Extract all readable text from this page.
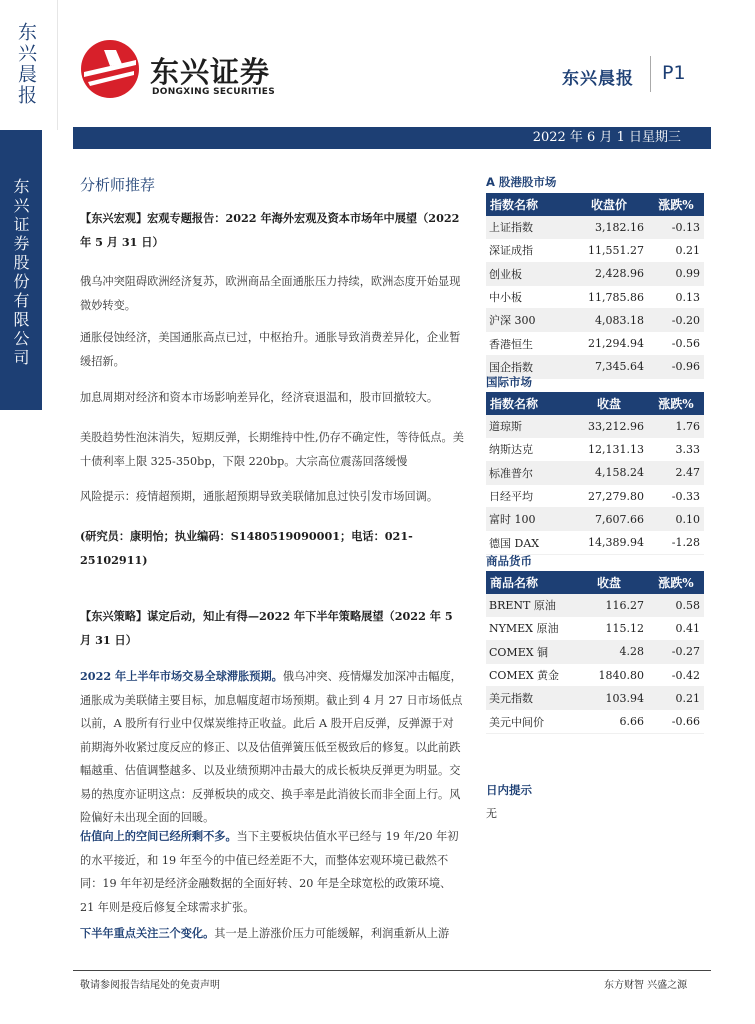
东兴晨报
东兴证券股份有限公司
东兴证券
DONGXING SECURITIES
东兴晨报 P1
2022 年 6 月 1 日星期三
分析师推荐
【东兴宏观】宏观专题报告：2022 年海外宏观及资本市场年中展望（2022 年 5 月 31 日）
俄乌冲突阻碍欧洲经济复苏，欧洲商品全面通胀压力持续，欧洲态度开始显现微妙转变。
通胀侵蚀经济，美国通胀高点已过，中枢抬升。通胀导致消费差异化，企业暂缓招新。
加息周期对经济和资本市场影响差异化，经济衰退温和，股市回撤较大。
美股趋势性泡沫消失，短期反弹，长期维持中性,仍存不确定性，等待低点。美十债利率上限 325-350bp，下限 220bp。大宗高位震荡回落缓慢
风险提示：疫情超预期，通胀超预期导致美联储加息过快引发市场回调。
(研究员：康明怡；执业编码：S1480519090001；电话：021-25102911)
【东兴策略】谋定后动，知止有得—2022 年下半年策略展望（2022 年 5 月 31 日）
2022 年上半年市场交易全球滞胀预期。俄乌冲突、疫情爆发加深冲击幅度，通胀成为美联储主要目标，加息幅度超市场预期。截止到 4 月 27 日市场低点以前，A 股所有行业中仅煤炭维持正收益。此后 A 股开启反弹，反弹源于对前期海外收紧过度反应的修正、以及估值弹簧压低至极致后的修复。以此前跌幅越重、估值调整越多、以及业绩预期冲击最大的成长板块反弹更为明显。交易的热度亦证明这点：反弹板块的成交、换手率是此消彼长而非全面上行。风险偏好未出现全面的回暖。
估值向上的空间已经所剩不多。当下主要板块估值水平已经与 19 年/20 年初的水平接近，和 19 年至今的中值已经差距不大，而整体宏观环境已截然不同：19 年年初是经济金融数据的全面好转、20 年是全球宽松的政策环境、21 年则是疫后修复全球需求扩张。
下半年重点关注三个变化。其一是上游涨价压力可能缓解，利润重新从上游
A 股港股市场
指数名称	收盘价	涨跌%
上证指数	3,182.16	-0.13
深证成指	11,551.27	0.21
创业板	2,428.96	0.99
中小板	11,785.86	0.13
沪深 300	4,083.18	-0.20
香港恒生	21,294.94	-0.56
国企指数	7,345.64	-0.96
国际市场
指数名称	收盘	涨跌%
道琼斯	33,212.96	1.76
纳斯达克	12,131.13	3.33
标准普尔	4,158.24	2.47
日经平均	27,279.80	-0.33
富时 100	7,607.66	0.10
德国 DAX	14,389.94	-1.28
商品货币
商品名称	收盘	涨跌%
BRENT 原油	116.27	0.58
NYMEX 原油	115.12	0.41
COMEX 铜	4.28	-0.27
COMEX 黄金	1840.80	-0.42
美元指数	103.94	0.21
美元中间价	6.66	-0.66
日内提示
无
敬请参阅报告结尾处的免责声明	东方财智 兴盛之源
